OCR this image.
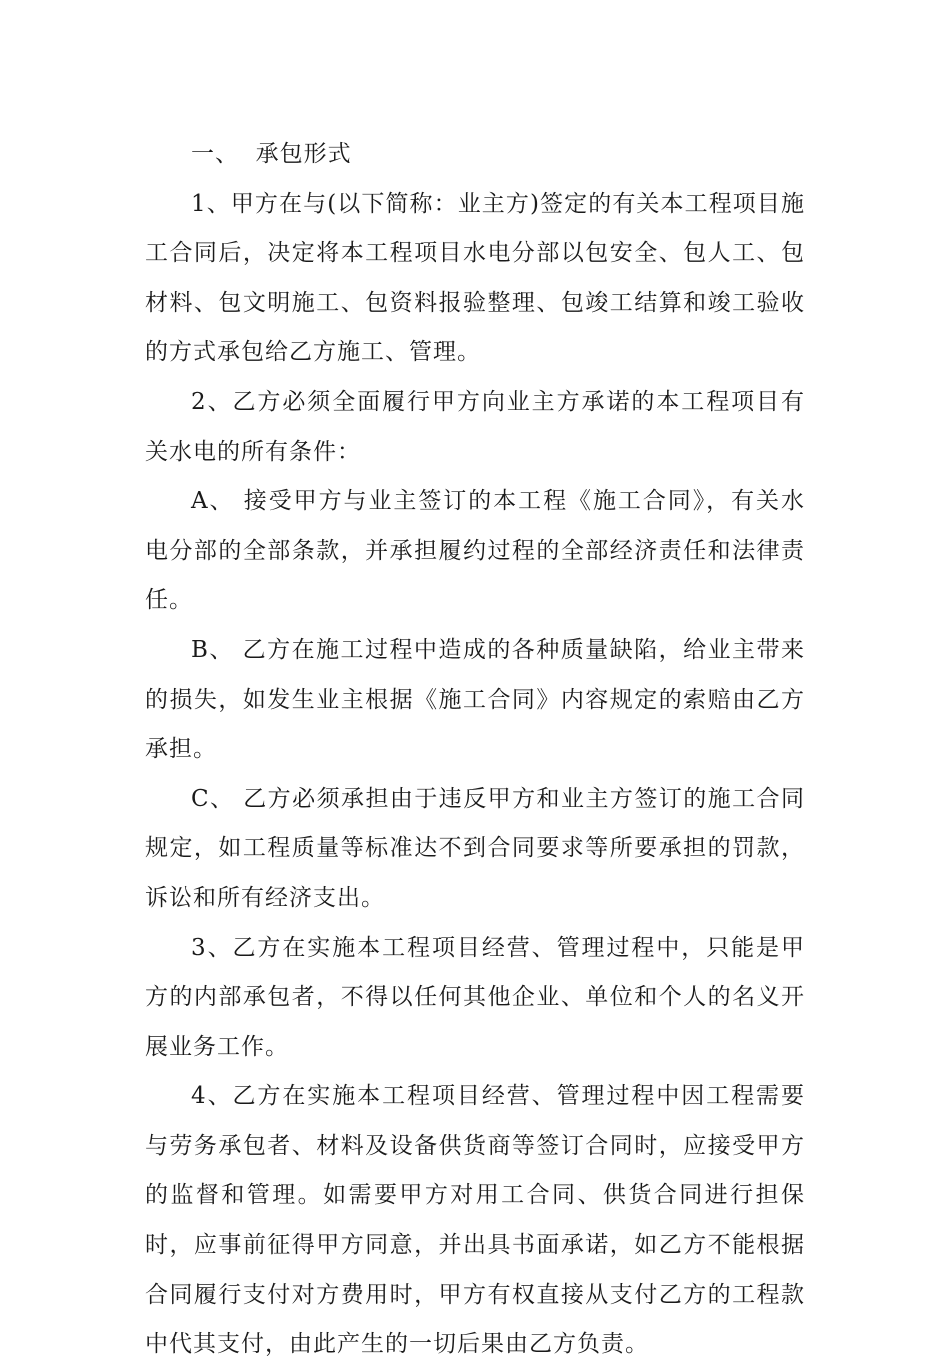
一、  承包形式

1、甲方在与(以下简称：业主方)签定的有关本工程项目施工合同后，决定将本工程项目水电分部以包安全、包人工、包材料、包文明施工、包资料报验整理、包竣工结算和竣工验收的方式承包给乙方施工、管理。

2、乙方必须全面履行甲方向业主方承诺的本工程项目有关水电的所有条件：

A、 接受甲方与业主签订的本工程《施工合同》，有关水电分部的全部条款，并承担履约过程的全部经济责任和法律责任。

B、 乙方在施工过程中造成的各种质量缺陷，给业主带来的损失，如发生业主根据《施工合同》内容规定的索赔由乙方承担。

C、 乙方必须承担由于违反甲方和业主方签订的施工合同规定，如工程质量等标准达不到合同要求等所要承担的罚款，诉讼和所有经济支出。

3、乙方在实施本工程项目经营、管理过程中，只能是甲方的内部承包者，不得以任何其他企业、单位和个人的名义开展业务工作。

4、乙方在实施本工程项目经营、管理过程中因工程需要与劳务承包者、材料及设备供货商等签订合同时，应接受甲方的监督和管理。如需要甲方对用工合同、供货合同进行担保时，应事前征得甲方同意，并出具书面承诺，如乙方不能根据合同履行支付对方费用时，甲方有权直接从支付乙方的工程款中代其支付，由此产生的一切后果由乙方负责。
